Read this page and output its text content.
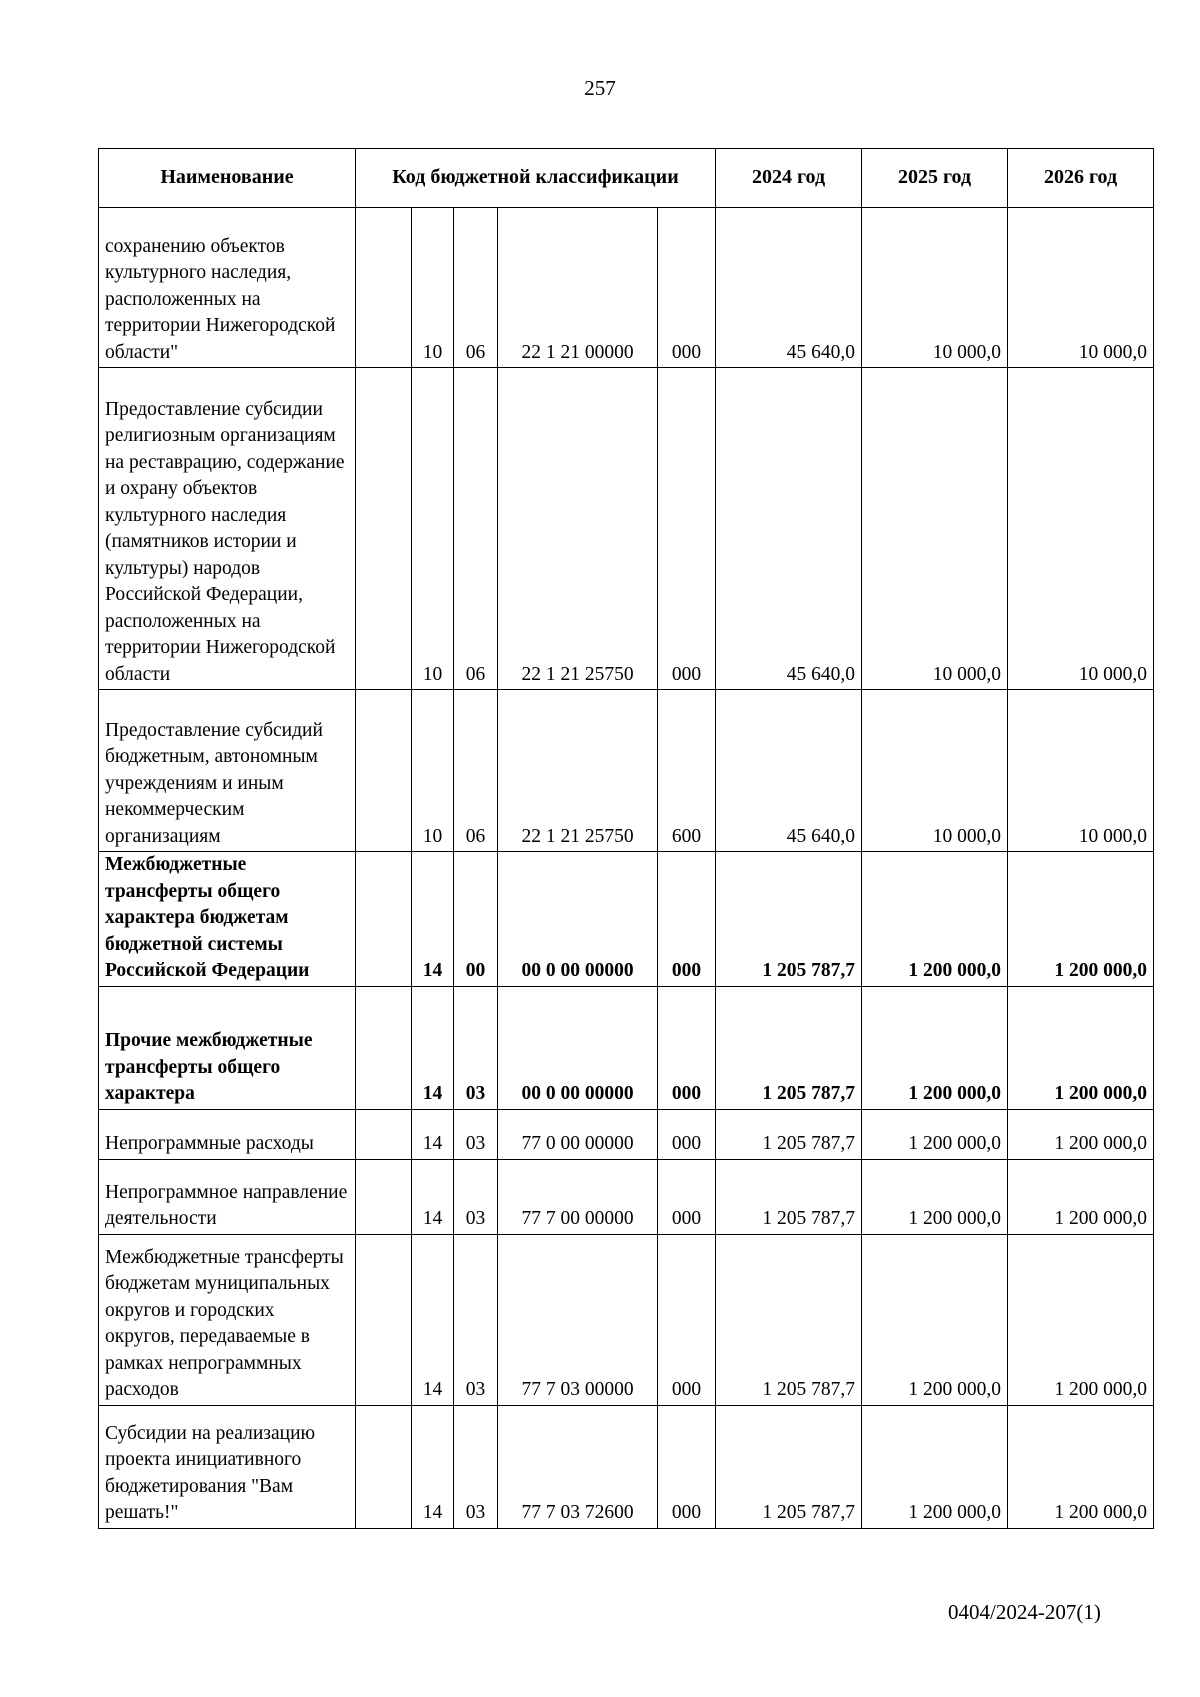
257
Наименование	Код бюджетной классификации					2024 год	2025 год	2026 год
сохранению объектов культурного наследия, расположенных на территории Нижегородской области"		10	06	22 1 21 00000	000	45 640,0	10 000,0	10 000,0
Предоставление субсидии религиозным организациям на реставрацию, содержание и охрану объектов культурного наследия (памятников истории и культуры) народов Российской Федерации, расположенных на территории Нижегородской области		10	06	22 1 21 25750	000	45 640,0	10 000,0	10 000,0
Предоставление субсидий бюджетным, автономным учреждениям и иным некоммерческим организациям		10	06	22 1 21 25750	600	45 640,0	10 000,0	10 000,0
Межбюджетные трансферты общего характера бюджетам бюджетной системы Российской Федерации		14	00	00 0 00 00000	000	1 205 787,7	1 200 000,0	1 200 000,0
Прочие межбюджетные трансферты общего характера		14	03	00 0 00 00000	000	1 205 787,7	1 200 000,0	1 200 000,0
Непрограммные расходы		14	03	77 0 00 00000	000	1 205 787,7	1 200 000,0	1 200 000,0
Непрограммное направление деятельности		14	03	77 7 00 00000	000	1 205 787,7	1 200 000,0	1 200 000,0
Межбюджетные трансферты бюджетам муниципальных округов и городских округов, передаваемые в рамках непрограммных расходов		14	03	77 7 03 00000	000	1 205 787,7	1 200 000,0	1 200 000,0
Субсидии на реализацию проекта инициативного бюджетирования "Вам решать!"		14	03	77 7 03 72600	000	1 205 787,7	1 200 000,0	1 200 000,0
0404/2024-207(1)
